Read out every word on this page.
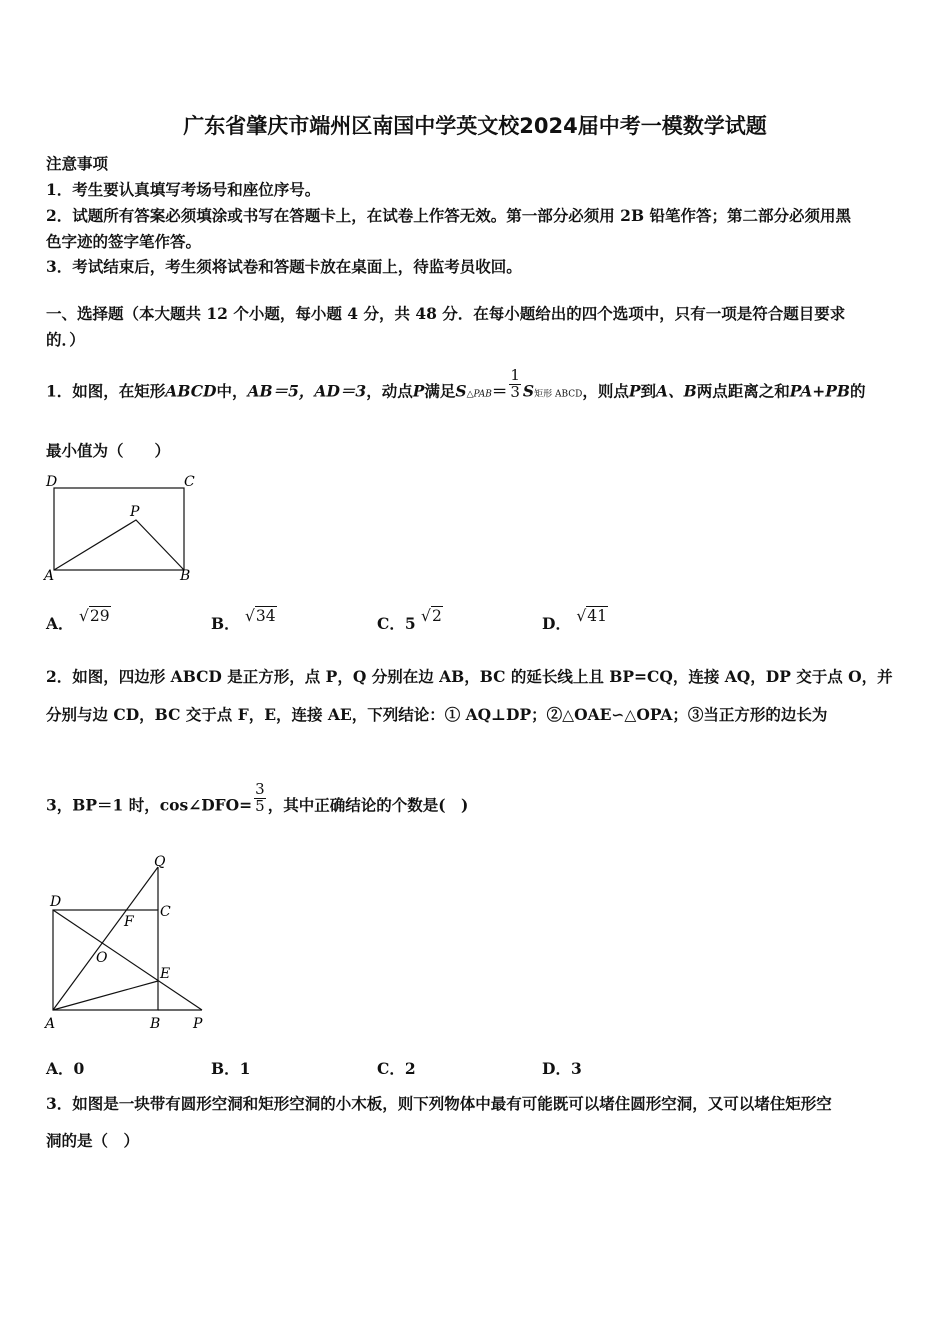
广东省肇庆市端州区南国中学英文校2024届中考一模数学试题
注意事项
1．考生要认真填写考场号和座位序号。
2．试题所有答案必须填涂或书写在答题卡上，在试卷上作答无效。第一部分必须用 2B 铅笔作答；第二部分必须用黑
色字迹的签字笔作答。
3．考试结束后，考生须将试卷和答题卡放在桌面上，待监考员收回。
一、选择题（本大题共 12 个小题，每小题 4 分，共 48 分．在每小题给出的四个选项中，只有一项是符合题目要求
的．）
1．如图，在矩形ABCD中，AB＝5，AD＝3，动点P满足S△PAB＝ $\frac{1}{3}$ S矩形 ABCD，则点P到A、B两点距离之和PA+PB的
最小值为（　　）
D	C
P
A	B
A． √29	B． √34	C．5 √2	D． √41
2．如图，四边形 ABCD 是正方形，点 P，Q 分别在边 AB，BC 的延长线上且 BP=CQ，连接 AQ，DP 交于点 O，并
分别与边 CD，BC 交于点 F，E，连接 AE，下列结论：① AQ⊥DP；②△OAE∽△OPA；③当正方形的边长为
3，BP＝1 时，cos∠DFO= $\frac{3}{5}$ ，其中正确结论的个数是(　)
Q
D
C
F
O
E
A	B P
A．0	B．1	C．2	D．3
3．如图是一块带有圆形空洞和矩形空洞的小木板，则下列物体中最有可能既可以堵住圆形空洞，又可以堵住矩形空
洞的是（　）
